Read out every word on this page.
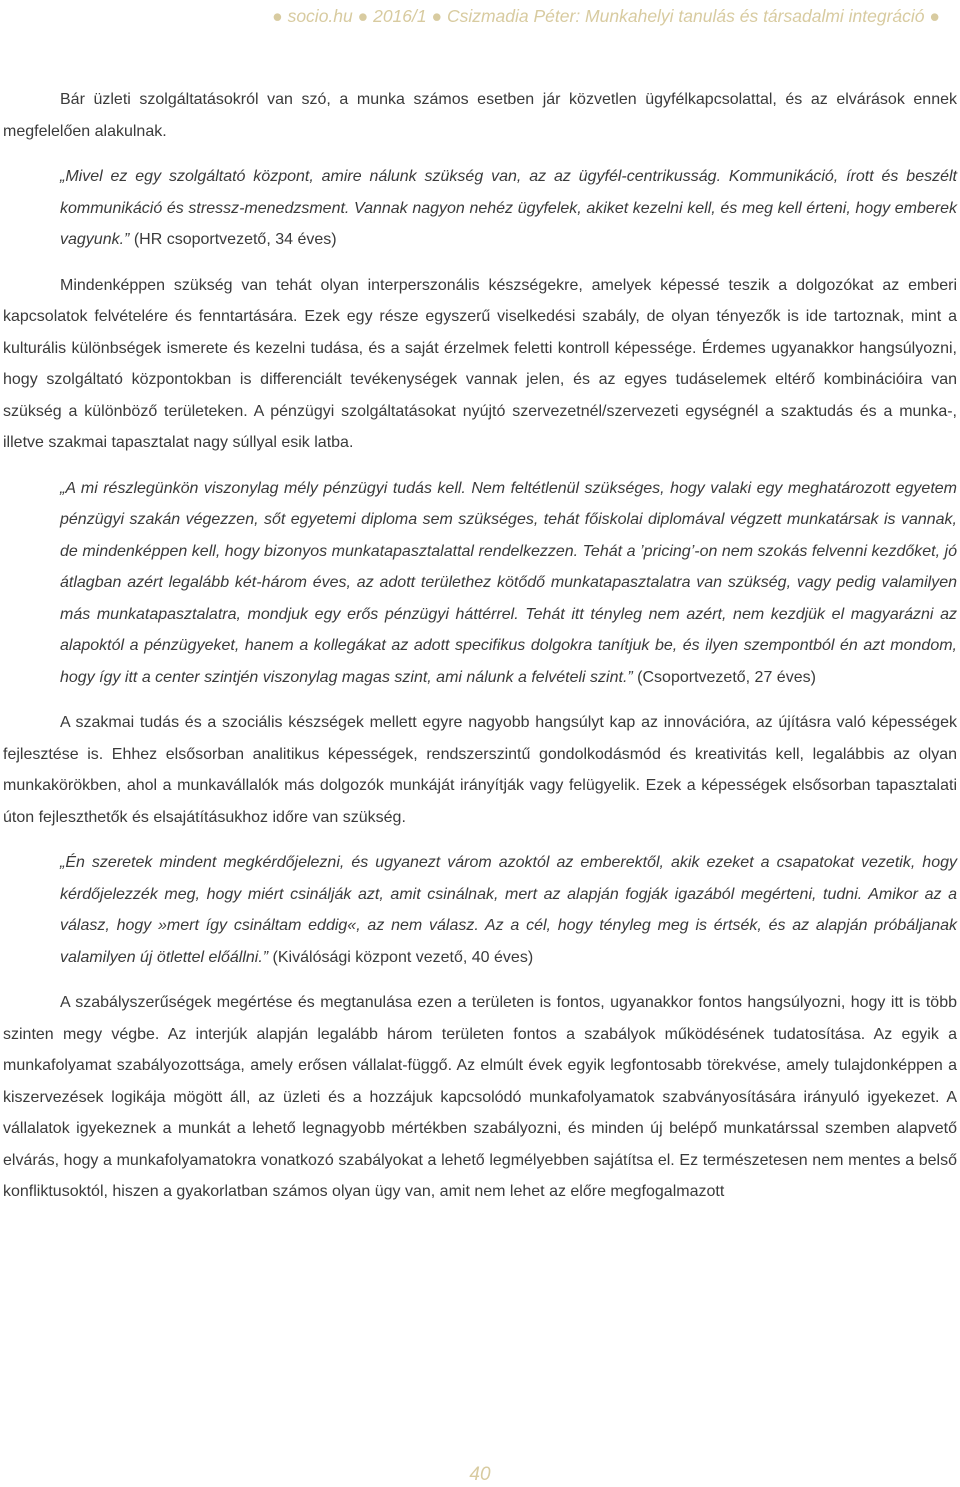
● socio.hu ● 2016/1 ● Csizmadia Péter: Munkahelyi tanulás és társadalmi integráció ●

Bár üzleti szolgáltatásokról van szó, a munka számos esetben jár közvetlen ügyfélkapcsolattal, és az elvárások ennek megfelelően alakulnak.

„Mivel ez egy szolgáltató központ, amire nálunk szükség van, az az ügyfél-centrikusság. Kommunikáció, írott és beszélt kommunikáció és stressz-menedzsment. Vannak nagyon nehéz ügyfelek, akiket kezelni kell, és meg kell érteni, hogy emberek vagyunk.” (HR csoportvezető, 34 éves)

Mindenképpen szükség van tehát olyan interperszonális készségekre, amelyek képessé teszik a dolgozókat az emberi kapcsolatok felvételére és fenntartására. Ezek egy része egyszerű viselkedési szabály, de olyan tényezők is ide tartoznak, mint a kulturális különbségek ismerete és kezelni tudása, és a saját érzelmek feletti kontroll képessége. Érdemes ugyanakkor hangsúlyozni, hogy szolgáltató központokban is differenciált tevékenységek vannak jelen, és az egyes tudáselemek eltérő kombinációira van szükség a különböző területeken. A pénzügyi szolgáltatásokat nyújtó szervezetnél/szervezeti egységnél a szaktudás és a munka-, illetve szakmai tapasztalat nagy súllyal esik latba.

„A mi részlegünkön viszonylag mély pénzügyi tudás kell. Nem feltétlenül szükséges, hogy valaki egy meghatározott egyetem pénzügyi szakán végezzen, sőt egyetemi diploma sem szükséges, tehát főiskolai diplomával végzett munkatársak is vannak, de mindenképpen kell, hogy bizonyos munkatapasztalattal rendelkezzen. Tehát a ’pricing’-on nem szokás felvenni kezdőket, jó átlagban azért legalább két-három éves, az adott területhez kötődő munkatapasztalatra van szükség, vagy pedig valamilyen más munkatapasztalatra, mondjuk egy erős pénzügyi háttérrel. Tehát itt tényleg nem azért, nem kezdjük el magyarázni az alapoktól a pénzügyeket, hanem a kollegákat az adott specifikus dolgokra tanítjuk be, és ilyen szempontból én azt mondom, hogy így itt a center szintjén viszonylag magas szint, ami nálunk a felvételi szint.” (Csoportvezető, 27 éves)

A szakmai tudás és a szociális készségek mellett egyre nagyobb hangsúlyt kap az innovációra, az újításra való képességek fejlesztése is. Ehhez elsősorban analitikus képességek, rendszerszintű gondolkodásmód és kreativitás kell, legalábbis az olyan munkakörökben, ahol a munkavállalók más dolgozók munkáját irányítják vagy felügyelik. Ezek a képességek elsősorban tapasztalati úton fejleszthetők és elsajátításukhoz időre van szükség.

„Én szeretek mindent megkérdőjelezni, és ugyanezt várom azoktól az emberektől, akik ezeket a csapatokat vezetik, hogy kérdőjelezzék meg, hogy miért csinálják azt, amit csinálnak, mert az alapján fogják igazából megérteni, tudni. Amikor az a válasz, hogy »mert így csináltam eddig«, az nem válasz. Az a cél, hogy tényleg meg is értsék, és az alapján próbáljanak valamilyen új ötlettel előállni.” (Kiválósági központ vezető, 40 éves)

A szabályszerűségek megértése és megtanulása ezen a területen is fontos, ugyanakkor fontos hangsúlyozni, hogy itt is több szinten megy végbe. Az interjúk alapján legalább három területen fontos a szabályok működésének tudatosítása. Az egyik a munkafolyamat szabályozottsága, amely erősen vállalat-függő. Az elmúlt évek egyik legfontosabb törekvése, amely tulajdonképpen a kiszervezések logikája mögött áll, az üzleti és a hozzájuk kapcsolódó munkafolyamatok szabványosítására irányuló igyekezet. A vállalatok igyekeznek a munkát a lehető legnagyobb mértékben szabályozni, és minden új belépő munkatárssal szemben alapvető elvárás, hogy a munkafolyamatokra vonatkozó szabályokat a lehető legmélyebben sajátítsa el. Ez természetesen nem mentes a belső konfliktusoktól, hiszen a gyakorlatban számos olyan ügy van, amit nem lehet az előre megfogalmazott

40
